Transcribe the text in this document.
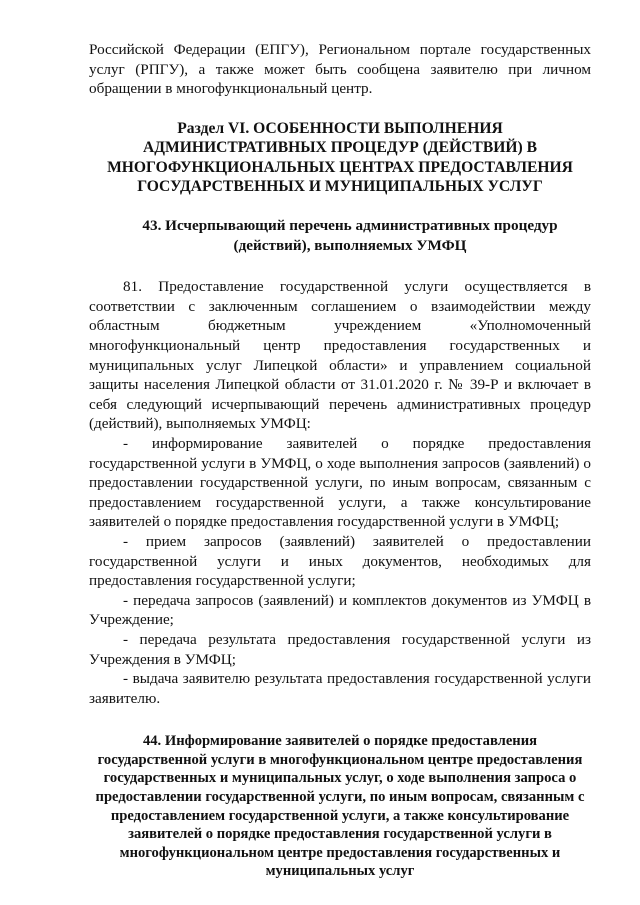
Российской Федерации (ЕПГУ), Региональном портале государственных услуг (РПГУ), а также может быть сообщена заявителю при личном обращении в многофункциональный центр.

Раздел VI. ОСОБЕННОСТИ ВЫПОЛНЕНИЯ АДМИНИСТРАТИВНЫХ ПРОЦЕДУР (ДЕЙСТВИЙ) В МНОГОФУНКЦИОНАЛЬНЫХ ЦЕНТРАХ ПРЕДОСТАВЛЕНИЯ ГОСУДАРСТВЕННЫХ И МУНИЦИПАЛЬНЫХ УСЛУГ
43. Исчерпывающий перечень административных процедур (действий), выполняемых УМФЦ

81. Предоставление государственной услуги осуществляется в соответствии с заключенным соглашением о взаимодействии между областным бюджетным учреждением «Уполномоченный многофункциональный центр предоставления государственных и муниципальных услуг Липецкой области» и управлением социальной защиты населения Липецкой области от 31.01.2020 г. № 39-Р и включает в себя следующий исчерпывающий перечень административных процедур (действий), выполняемых УМФЦ:

- информирование заявителей о порядке предоставления государственной услуги в УМФЦ, о ходе выполнения запросов (заявлений) о предоставлении государственной услуги, по иным вопросам, связанным с предоставлением государственной услуги, а также консультирование заявителей о порядке предоставления государственной услуги в УМФЦ;

- прием запросов (заявлений) заявителей о предоставлении государственной услуги и иных документов, необходимых для предоставления государственной услуги;

- передача запросов (заявлений) и комплектов документов из УМФЦ в Учреждение;

- передача результата предоставления государственной услуги из Учреждения в УМФЦ;

- выдача заявителю результата предоставления государственной услуги заявителю.

44. Информирование заявителей о порядке предоставления государственной услуги в многофункциональном центре предоставления государственных и муниципальных услуг, о ходе выполнения запроса о предоставлении государственной услуги, по иным вопросам, связанным с предоставлением государственной услуги, а также консультирование заявителей о порядке предоставления государственной услуги в многофункциональном центре предоставления государственных и муниципальных услуг
